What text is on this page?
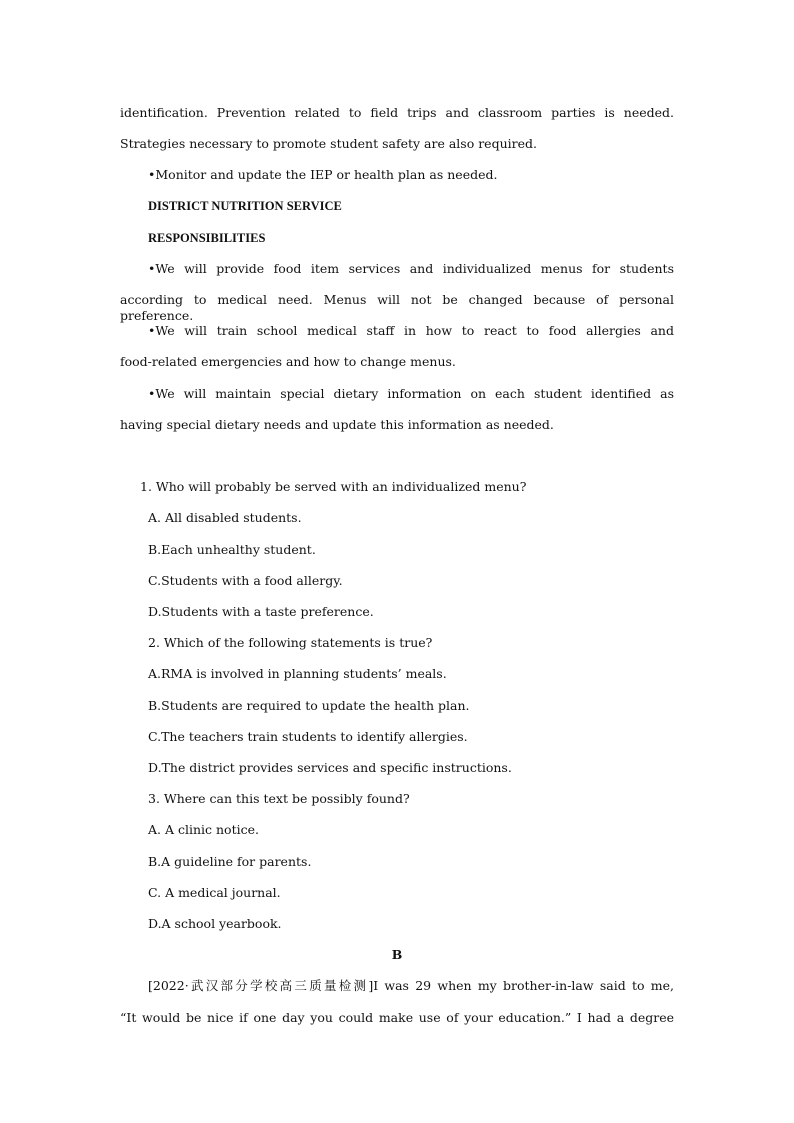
identification. Prevention related to field trips and classroom parties is needed.
Strategies necessary to promote student safety are also required.
•Monitor and update the IEP or health plan as needed.
DISTRICT NUTRITION SERVICE
RESPONSIBILITIES
•We will provide food item services and individualized menus for students
according to medical need. Menus will not be changed because of personal preference.
•We will train school medical staff in how to react to food allergies and
food-related emergencies and how to change menus.
•We will maintain special dietary information on each student identified as
having special dietary needs and update this information as needed.
1. Who will probably be served with an individualized menu?
A. All disabled students.
B.Each unhealthy student.
C.Students with a food allergy.
D.Students with a taste preference.
2. Which of the following statements is true?
A.RMA is involved in planning students’ meals.
B.Students are required to update the health plan.
C.The teachers train students to identify allergies.
D.The district provides services and specific instructions.
3. Where can this text be possibly found?
A. A clinic notice.
B.A guideline for parents.
C. A medical journal.
D.A school yearbook.
B
[2022·武汉部分学校高三质量检测]I was 29 when my brother-in-law said to me,
“It would be nice if one day you could make use of your education.” I had a degree
